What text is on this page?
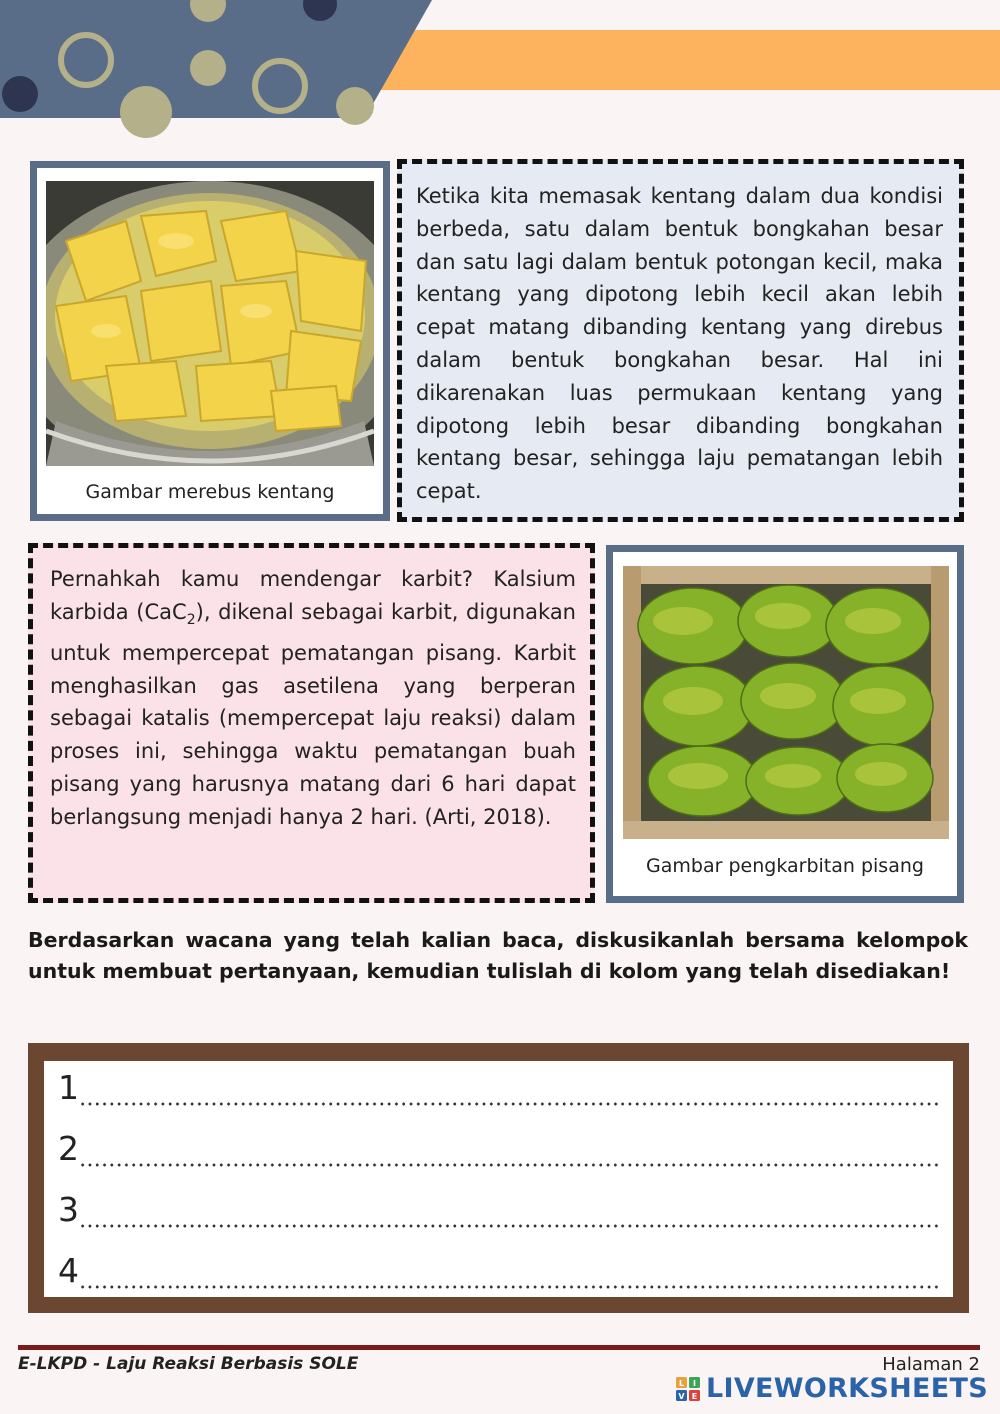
Gambar merebus kentang
Ketika kita memasak kentang dalam dua kondisi berbeda, satu dalam bentuk bongkahan besar dan satu lagi dalam bentuk potongan kecil, maka kentang yang dipotong lebih kecil akan lebih cepat matang dibanding kentang yang direbus dalam bentuk bongkahan besar. Hal ini dikarenakan luas permukaan kentang yang dipotong lebih besar dibanding bongkahan kentang besar, sehingga laju pematangan lebih cepat.
Pernahkah kamu mendengar karbit? Kalsium karbida (CaC$_2$), dikenal sebagai karbit, digunakan untuk mempercepat pematangan pisang. Karbit menghasilkan gas asetilena yang berperan sebagai katalis (mempercepat laju reaksi) dalam proses ini, sehingga waktu pematangan buah pisang yang harusnya matang dari 6 hari dapat berlangsung menjadi hanya 2 hari. (Arti, 2018).
Gambar pengkarbitan pisang
Berdasarkan wacana yang telah kalian baca, diskusikanlah bersama kelompok untuk membuat pertanyaan, kemudian tulislah di kolom yang telah disediakan!
1
2
3
4
E-LKPD - Laju Reaksi Berbasis SOLE	Halaman 2
L I
V E LIVEWORKSHEETS
